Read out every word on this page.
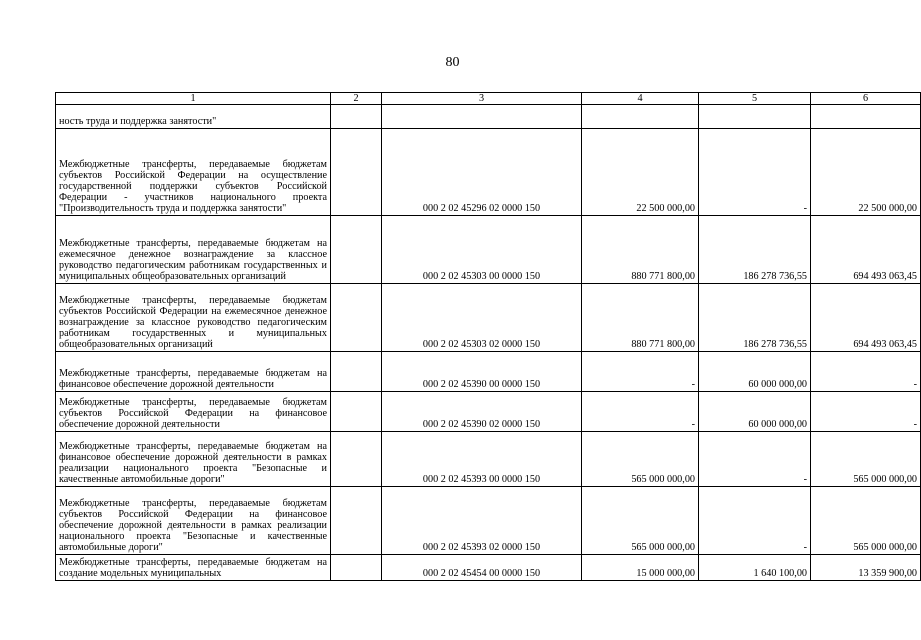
80
1	2	3	4	5	6
ность труда и поддержка занятости"					
Межбюджетные трансферты, передаваемые бюджетам субъектов Российской Федерации на осуществление государственной поддержки субъектов Российской Федерации - участников национального проекта "Производительность труда и поддержка занятости"		000 2 02 45296 02 0000 150	22 500 000,00	-	22 500 000,00
Межбюджетные трансферты, передаваемые бюджетам на ежемесячное денежное вознаграждение за классное руководство педагогическим работникам государственных и муниципальных общеобразовательных организаций		000 2 02 45303 00 0000 150	880 771 800,00	186 278 736,55	694 493 063,45
Межбюджетные трансферты, передаваемые бюджетам субъектов Российской Федерации на ежемесячное денежное вознаграждение за классное руководство педагогическим работникам государственных и муниципальных общеобразовательных организаций		000 2 02 45303 02 0000 150	880 771 800,00	186 278 736,55	694 493 063,45
Межбюджетные трансферты, передаваемые бюджетам на финансовое обеспечение дорожной деятельности		000 2 02 45390 00 0000 150	-	60 000 000,00	-
Межбюджетные трансферты, передаваемые бюджетам субъектов Российской Федерации на финансовое обеспечение дорожной деятельности		000 2 02 45390 02 0000 150	-	60 000 000,00	-
Межбюджетные трансферты, передаваемые бюджетам на финансовое обеспечение дорожной деятельности в рамках реализации национального проекта "Безопасные и качественные автомобильные дороги"		000 2 02 45393 00 0000 150	565 000 000,00	-	565 000 000,00
Межбюджетные трансферты, передаваемые бюджетам субъектов Российской Федерации на финансовое обеспечение дорожной деятельности в рамках реализации национального проекта "Безопасные и качественные автомобильные дороги"		000 2 02 45393 02 0000 150	565 000 000,00	-	565 000 000,00
Межбюджетные трансферты, передаваемые бюджетам на создание модельных муниципальных		000 2 02 45454 00 0000 150	15 000 000,00	1 640 100,00	13 359 900,00
